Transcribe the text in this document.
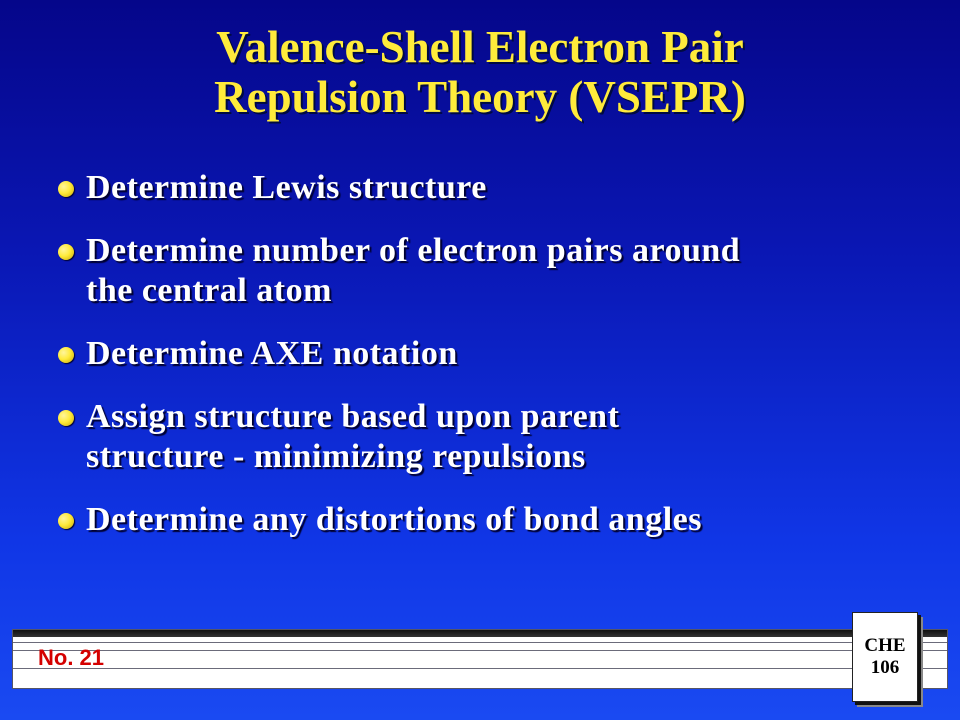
Valence-Shell Electron Pair
Repulsion Theory (VSEPR)
Determine Lewis structure
Determine number of electron pairs around
the central atom
Determine AXE notation
Assign structure based upon parent
structure - minimizing repulsions
Determine any distortions of bond angles
No. 21	CHE
106
